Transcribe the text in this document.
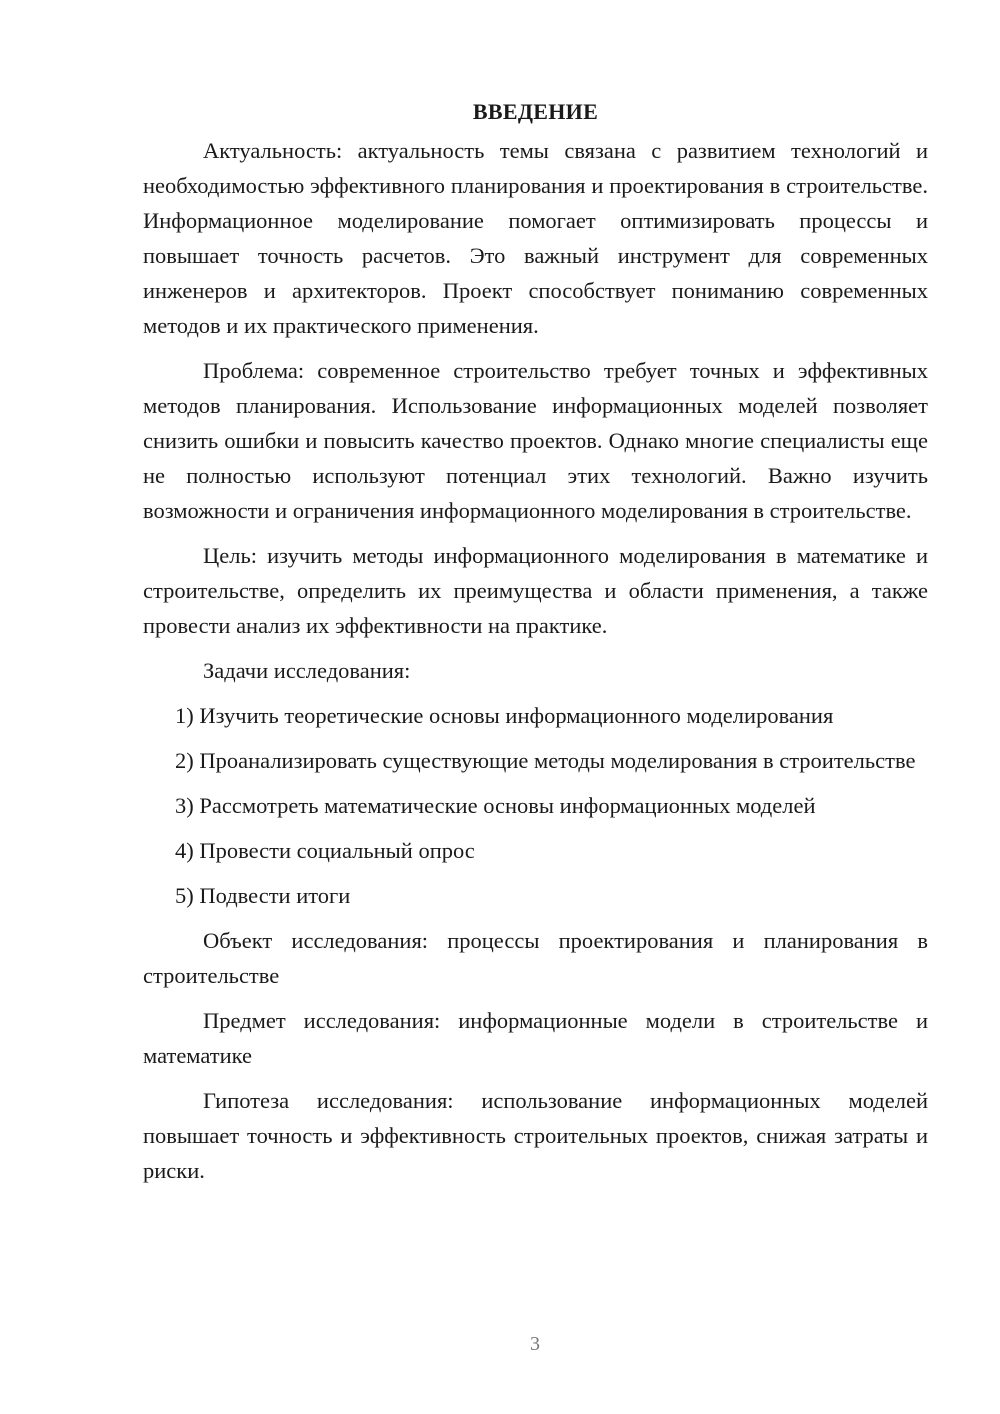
ВВЕДЕНИЕ

Актуальность: актуальность темы связана с развитием технологий и необходимостью эффективного планирования и проектирования в строительстве. Информационное моделирование помогает оптимизировать процессы и повышает точность расчетов. Это важный инструмент для современных инженеров и архитекторов. Проект способствует пониманию современных методов и их практического применения.

Проблема: современное строительство требует точных и эффективных методов планирования. Использование информационных моделей позволяет снизить ошибки и повысить качество проектов. Однако многие специалисты еще не полностью используют потенциал этих технологий. Важно изучить возможности и ограничения информационного моделирования в строительстве.

Цель: изучить методы информационного моделирования в математике и строительстве, определить их преимущества и области применения, а также провести анализ их эффективности на практике.

Задачи исследования:

1) Изучить теоретические основы информационного моделирования

2) Проанализировать существующие методы моделирования в строительстве

3) Рассмотреть математические основы информационных моделей

4) Провести социальный опрос

5) Подвести итоги

Объект исследования: процессы проектирования и планирования в строительстве

Предмет исследования: информационные модели в строительстве и математике

Гипотеза исследования: использование информационных моделей повышает точность и эффективность строительных проектов, снижая затраты и риски.

3
